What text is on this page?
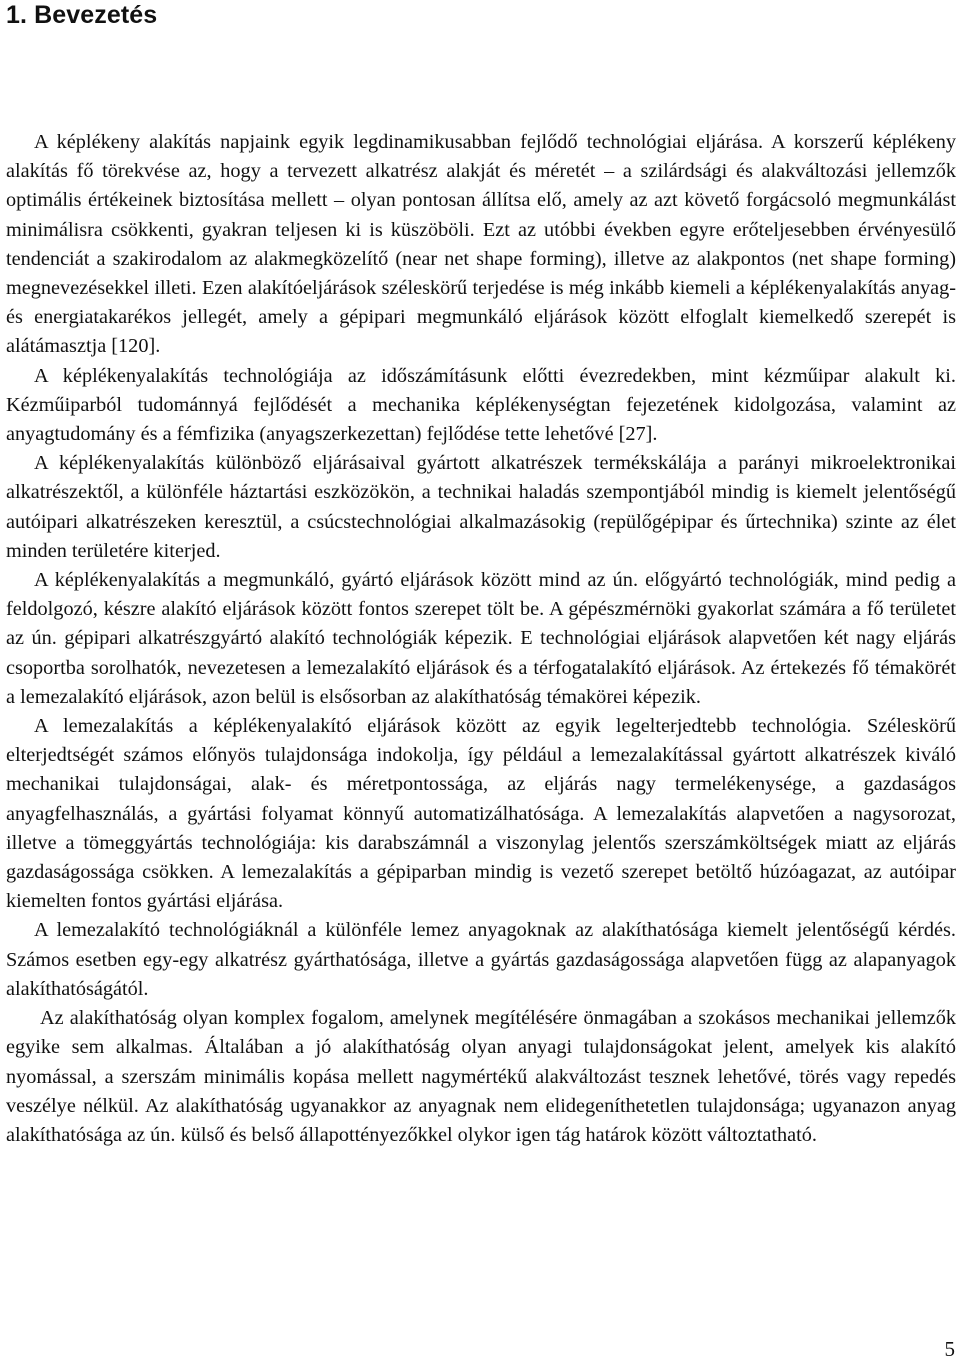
1. Bevezetés

A képlékeny alakítás napjaink egyik legdinamikusabban fejlődő technológiai eljárása. A korszerű képlékeny alakítás fő törekvése az, hogy a tervezett alkatrész alakját és méretét – a szilárdsági és alakváltozási jellemzők optimális értékeinek biztosítása mellett – olyan pontosan állítsa elő, amely az azt követő forgácsoló megmunkálást minimálisra csökkenti, gyakran teljesen ki is küszöböli. Ezt az utóbbi években egyre erőteljesebben érvényesülő tendenciát a szakirodalom az alakmegközelítő (near net shape forming), illetve az alakpontos (net shape forming) megnevezésekkel illeti. Ezen alakítóeljárások széleskörű terjedése is még inkább kiemeli a képlékenyalakítás anyag- és energiatakarékos jellegét, amely a gépipari megmunkáló eljárások között elfoglalt kiemelkedő szerepét is alátámasztja [120].

A képlékenyalakítás technológiája az időszámításunk előtti évezredekben, mint kézműipar alakult ki. Kézműiparból tudománnyá fejlődését a mechanika képlékenységtan fejezetének kidolgozása, valamint az anyagtudomány és a fémfizika (anyagszerkezettan) fejlődése tette lehetővé [27].

A képlékenyalakítás különböző eljárásaival gyártott alkatrészek termékskálája a parányi mikroelektronikai alkatrészektől, a különféle háztartási eszközökön, a technikai haladás szempontjából mindig is kiemelt jelentőségű autóipari alkatrészeken keresztül, a csúcstechnológiai alkalmazásokig (repülőgépipar és űrtechnika) szinte az élet minden területére kiterjed.

A képlékenyalakítás a megmunkáló, gyártó eljárások között mind az ún. előgyártó technológiák, mind pedig a feldolgozó, készre alakító eljárások között fontos szerepet tölt be. A gépészmérnöki gyakorlat számára a fő területet az ún. gépipari alkatrészgyártó alakító technológiák képezik. E technológiai eljárások alapvetően két nagy eljárás csoportba sorolhatók, nevezetesen a lemezalakító eljárások és a térfogatalakító eljárások. Az értekezés fő témakörét a lemezalakító eljárások, azon belül is elsősorban az alakíthatóság témakörei képezik.

A lemezalakítás a képlékenyalakító eljárások között az egyik legelterjedtebb technológia. Széleskörű elterjedtségét számos előnyös tulajdonsága indokolja, így például a lemezalakítással gyártott alkatrészek kiváló mechanikai tulajdonságai, alak- és méretpontossága, az eljárás nagy termelékenysége, a gazdaságos anyagfelhasználás, a gyártási folyamat könnyű automatizálhatósága. A lemezalakítás alapvetően a nagysorozat, illetve a tömeggyártás technológiája: kis darabszámnál a viszonylag jelentős szerszámköltségek miatt az eljárás gazdaságossága csökken. A lemezalakítás a gépiparban mindig is vezető szerepet betöltő húzóagazat, az autóipar kiemelten fontos gyártási eljárása.

A lemezalakító technológiáknál a különféle lemez anyagoknak az alakíthatósága kiemelt jelentőségű kérdés. Számos esetben egy-egy alkatrész gyárthatósága, illetve a gyártás gazdaságossága alapvetően függ az alapanyagok alakíthatóságától.

Az alakíthatóság olyan komplex fogalom, amelynek megítélésére önmagában a szokásos mechanikai jellemzők egyike sem alkalmas. Általában a jó alakíthatóság olyan anyagi tulajdonságokat jelent, amelyek kis alakító nyomással, a szerszám minimális kopása mellett nagymértékű alakváltozást tesznek lehetővé, törés vagy repedés veszélye nélkül. Az alakíthatóság ugyanakkor az anyagnak nem elidegeníthetetlen tulajdonsága; ugyanazon anyag alakíthatósága az ún. külső és belső állapottényezőkkel olykor igen tág határok között változtatható.

5
